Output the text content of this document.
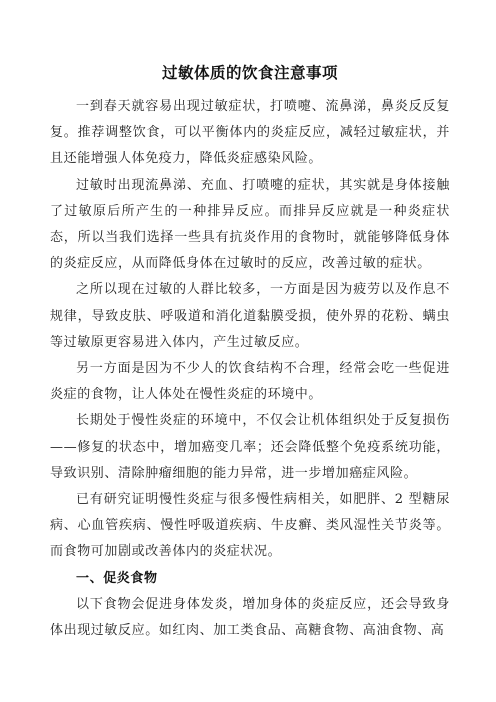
过敏体质的饮食注意事项

一到春天就容易出现过敏症状，打喷嚏、流鼻涕，鼻炎反反复复。推荐调整饮食，可以平衡体内的炎症反应，减轻过敏症状，并且还能增强人体免疫力，降低炎症感染风险。

过敏时出现流鼻涕、充血、打喷嚏的症状，其实就是身体接触了过敏原后所产生的一种排异反应。而排异反应就是一种炎症状态，所以当我们选择一些具有抗炎作用的食物时，就能够降低身体的炎症反应，从而降低身体在过敏时的反应，改善过敏的症状。

之所以现在过敏的人群比较多，一方面是因为疲劳以及作息不规律，导致皮肤、呼吸道和消化道黏膜受损，使外界的花粉、螨虫等过敏原更容易进入体内，产生过敏反应。

另一方面是因为不少人的饮食结构不合理，经常会吃一些促进炎症的食物，让人体处在慢性炎症的环境中。

长期处于慢性炎症的环境中，不仅会让机体组织处于反复损伤——修复的状态中，增加癌变几率；还会降低整个免疫系统功能，导致识别、清除肿瘤细胞的能力异常，进一步增加癌症风险。

已有研究证明慢性炎症与很多慢性病相关，如肥胖、2 型糖尿病、心血管疾病、慢性呼吸道疾病、牛皮癣、类风湿性关节炎等。而食物可加剧或改善体内的炎症状况。

一、促炎食物

以下食物会促进身体发炎，增加身体的炎症反应，还会导致身体出现过敏反应。如红肉、加工类食品、高糖食物、高油食物、高
